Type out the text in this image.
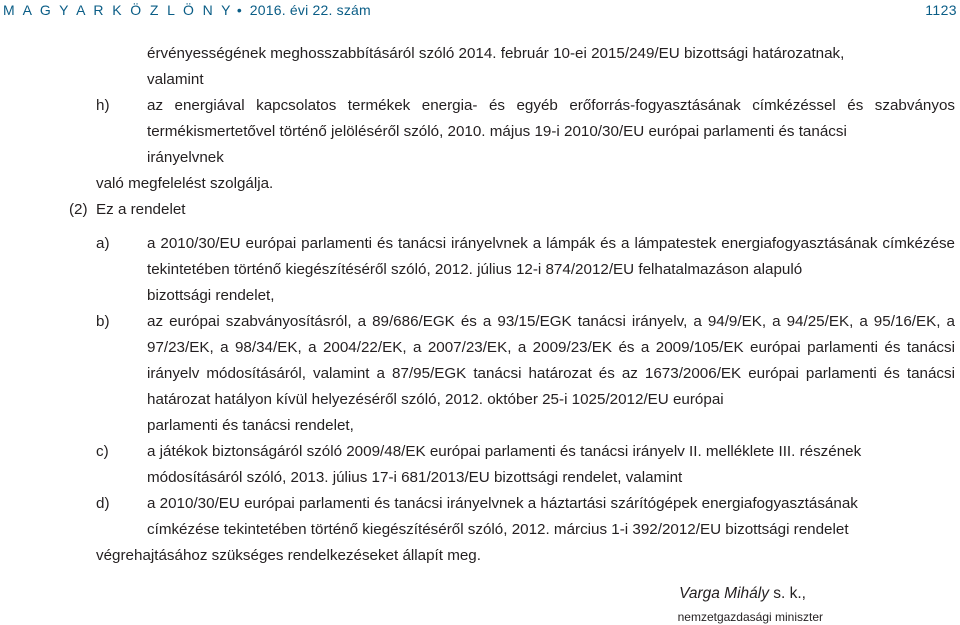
M A G Y A R K Ö Z L Ö N Y • 2016. évi 22. szám	1123
érvényességének meghosszabbításáról szóló 2014. február 10-ei 2015/249/EU bizottsági határozatnak,
valamint
h) az energiával kapcsolatos termékek energia- és egyéb erőforrás-fogyasztásának címkézéssel és szabványos termékismertetővel történő jelöléséről szóló, 2010. május 19-i 2010/30/EU európai parlamenti és tanácsi
irányelvnek
való megfelelést szolgálja.
(2) Ez a rendelet
a) a 2010/30/EU európai parlamenti és tanácsi irányelvnek a lámpák és a lámpatestek energiafogyasztásának címkézése tekintetében történő kiegészítéséről szóló, 2012. július 12-i 874/2012/EU felhatalmazáson alapuló
bizottsági rendelet,
b) az európai szabványosításról, a 89/686/EGK és a 93/15/EGK tanácsi irányelv, a 94/9/EK, a 94/25/EK, a 95/16/EK, a 97/23/EK, a 98/34/EK, a 2004/22/EK, a 2007/23/EK, a 2009/23/EK és a 2009/105/EK európai parlamenti és tanácsi irányelv módosításáról, valamint a 87/95/EGK tanácsi határozat és az 1673/2006/EK európai parlamenti és tanácsi határozat hatályon kívül helyezéséről szóló, 2012. október 25-i 1025/2012/EU európai
parlamenti és tanácsi rendelet,
c)	a játékok biztonságáról szóló 2009/48/EK európai parlamenti és tanácsi irányelv II. melléklete III. részének
módosításáról szóló, 2013. július 17-i 681/2013/EU bizottsági rendelet, valamint
d) a 2010/30/EU európai parlamenti és tanácsi irányelvnek a háztartási szárítógépek energiafogyasztásának
címkézése tekintetében történő kiegészítéséről szóló, 2012. március 1-i 392/2012/EU bizottsági rendelet
végrehajtásához szükséges rendelkezéseket állapít meg.
Varga Mihály s. k.,
nemzetgazdasági miniszter
